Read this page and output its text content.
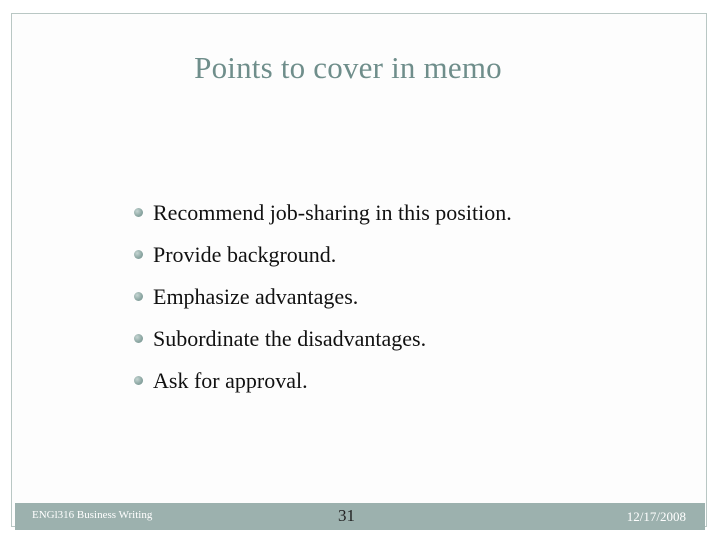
Points to cover in memo
Recommend job-sharing in this position.
Provide background.
Emphasize advantages.
Subordinate the disadvantages.
Ask for approval.
ENGl316 Business Writing	31	12/17/2008
